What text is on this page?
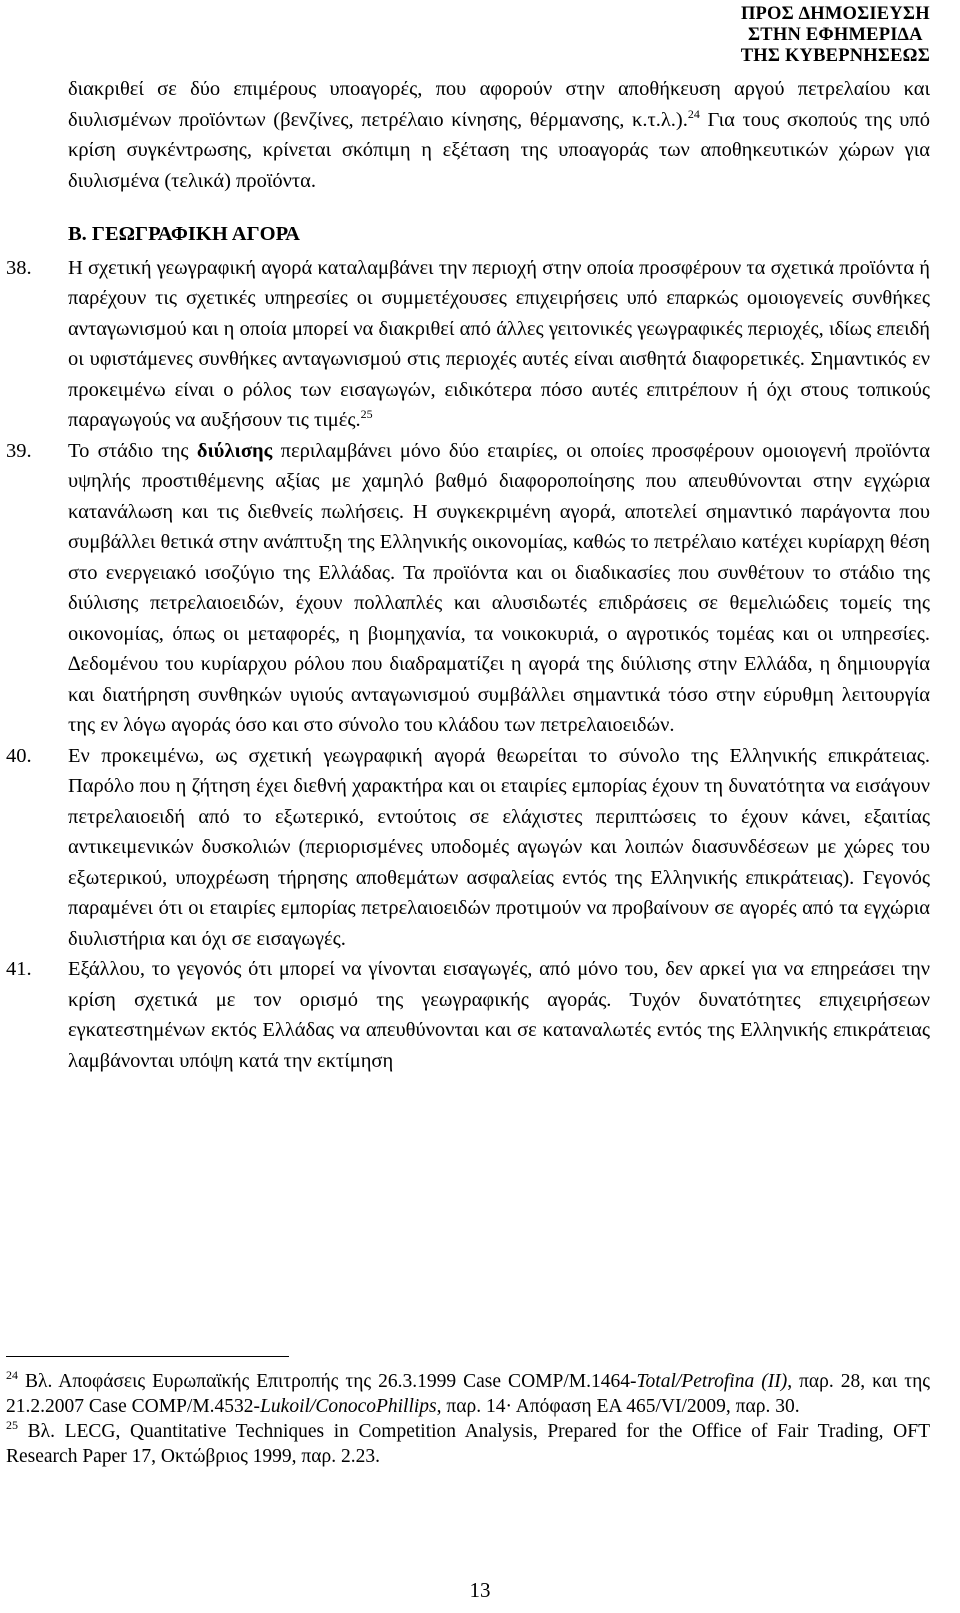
ΠΡΟΣ ∆ΗΜΟΣΙΕΥΣΗ
ΣΤΗΝ ΕΦΗΜΕΡΙ∆Α
ΤΗΣ ΚΥΒΕΡΝΗΣΕΩΣ

διακριθεί σε δύο επιμέρους υποαγορές, που αφορούν στην αποθήκευση αργού πετρελαίου και διυλισμένων προϊόντων (βενζίνες, πετρέλαιο κίνησης, θέρμανσης, κ.τ.λ.).$^{24}$ Για τους σκοπούς της υπό κρίση συγκέντρωσης, κρίνεται σκόπιμη η εξέταση της υποαγοράς των αποθηκευτικών χώρων για διυλισμένα (τελικά) προϊόντα.

Β. ΓΕΩΓΡΑΦΙΚΗ ΑΓΟΡΑ

38. Η σχετική γεωγραφική αγορά καταλαμβάνει την περιοχή στην οποία προσφέρουν τα σχετικά προϊόντα ή παρέχουν τις σχετικές υπηρεσίες οι συμμετέχουσες επιχειρήσεις υπό επαρκώς ομοιογενείς συνθήκες ανταγωνισμού και η οποία μπορεί να διακριθεί από άλλες γειτονικές γεωγραφικές περιοχές, ιδίως επειδή οι υφιστάμενες συνθήκες ανταγωνισμού στις περιοχές αυτές είναι αισθητά διαφορετικές. Σημαντικός εν προκειμένω είναι ο ρόλος των εισαγωγών, ειδικότερα πόσο αυτές επιτρέπουν ή όχι στους τοπικούς παραγωγούς να αυξήσουν τις τιμές.$^{25}$

39. Το στάδιο της διύλισης περιλαμβάνει μόνο δύο εταιρίες, οι οποίες προσφέρουν ομοιογενή προϊόντα υψηλής προστιθέμενης αξίας με χαμηλό βαθμό διαφοροποίησης που απευθύνονται στην εγχώρια κατανάλωση και τις διεθνείς πωλήσεις. Η συγκεκριμένη αγορά, αποτελεί σημαντικό παράγοντα που συμβάλλει θετικά στην ανάπτυξη της Ελληνικής οικονομίας, καθώς το πετρέλαιο κατέχει κυρίαρχη θέση στο ενεργειακό ισοζύγιο της Ελλάδας. Τα προϊόντα και οι διαδικασίες που συνθέτουν το στάδιο της διύλισης πετρελαιοειδών, έχουν πολλαπλές και αλυσιδωτές επιδράσεις σε θεμελιώδεις τομείς της οικονομίας, όπως οι μεταφορές, η βιομηχανία, τα νοικοκυριά, ο αγροτικός τομέας και οι υπηρεσίες. ∆εδομένου του κυρίαρχου ρόλου που διαδραματίζει η αγορά της διύλισης στην Ελλάδα, η δημιουργία και διατήρηση συνθηκών υγιούς ανταγωνισμού συμβάλλει σημαντικά τόσο στην εύρυθμη λειτουργία της εν λόγω αγοράς όσο και στο σύνολο του κλάδου των πετρελαιοειδών.

40. Εν προκειμένω, ως σχετική γεωγραφική αγορά θεωρείται το σύνολο της Ελληνικής επικράτειας. Παρόλο που η ζήτηση έχει διεθνή χαρακτήρα και οι εταιρίες εμπορίας έχουν τη δυνατότητα να εισάγουν πετρελαιοειδή από το εξωτερικό, εντούτοις σε ελάχιστες περιπτώσεις το έχουν κάνει, εξαιτίας αντικειμενικών δυσκολιών (περιορισμένες υποδομές αγωγών και λοιπών διασυνδέσεων με χώρες του εξωτερικού, υποχρέωση τήρησης αποθεμάτων ασφαλείας εντός της Ελληνικής επικράτειας). Γεγονός παραμένει ότι οι εταιρίες εμπορίας πετρελαιοειδών προτιμούν να προβαίνουν σε αγορές από τα εγχώρια διυλιστήρια και όχι σε εισαγωγές.

41. Εξάλλου, το γεγονός ότι μπορεί να γίνονται εισαγωγές, από μόνο του, δεν αρκεί για να επηρεάσει την κρίση σχετικά με τον ορισμό της γεωγραφικής αγοράς. Τυχόν δυνατότητες επιχειρήσεων εγκατεστημένων εκτός Ελλάδας να απευθύνονται και σε καταναλωτές εντός της Ελληνικής επικράτειας λαμβάνονται υπόψη κατά την εκτίμηση

$^{24}$ Βλ. Αποφάσεις Ευρωπαϊκής Επιτροπής της 26.3.1999 Case COMP/M.1464-Total/Petrofina (II), παρ. 28, και της 21.2.2007 Case COMP/M.4532-Lukoil/ConocoPhillips, παρ. 14· Απόφαση ΕΑ 465/VI/2009, παρ. 30.

$^{25}$ Βλ. LECG, Quantitative Techniques in Competition Analysis, Prepared for the Office of Fair Trading, OFT Research Paper 17, Οκτώβριος 1999, παρ. 2.23.

13
